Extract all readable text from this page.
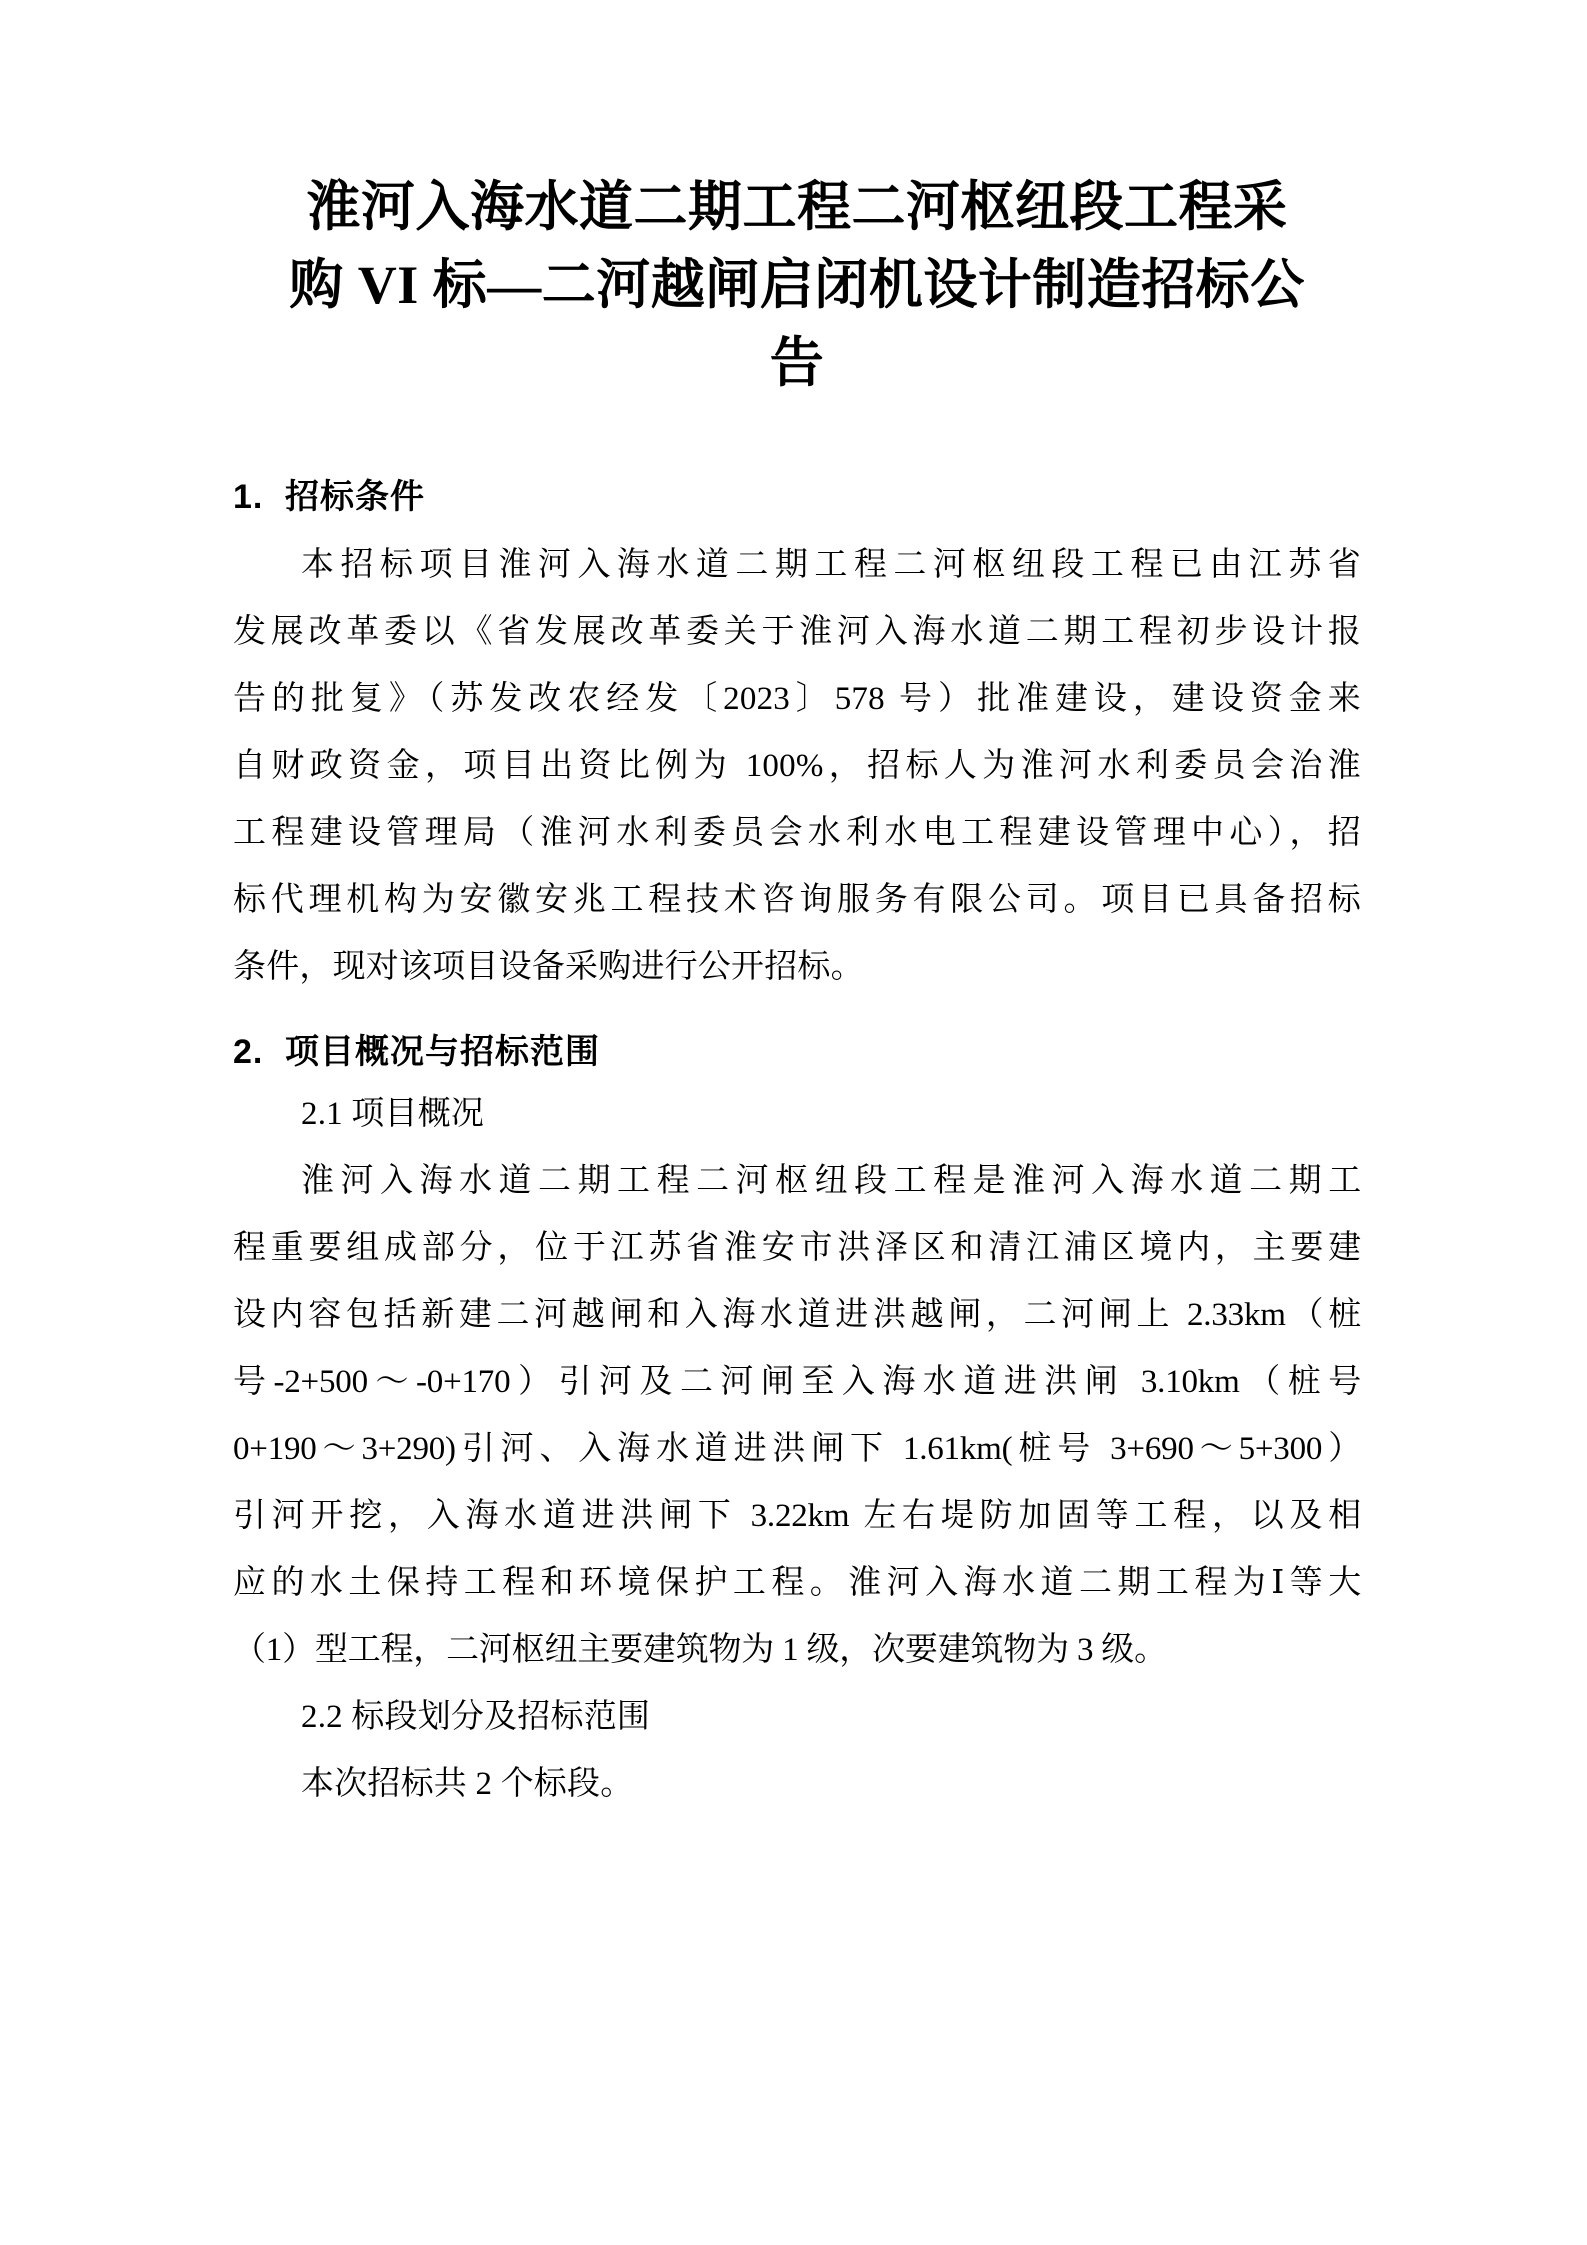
淮河入海水道二期工程二河枢纽段工程采
购 VI 标—二河越闸启闭机设计制造招标公
告
1. 招标条件
本招标项目淮河入海水道二期工程二河枢纽段工程已由江苏省
发展改革委以《省发展改革委关于淮河入海水道二期工程初步设计报
告的批复》（苏发改农经发〔2023〕578 号）批准建设，建设资金来
自财政资金，项目出资比例为 100%，招标人为淮河水利委员会治淮
工程建设管理局（淮河水利委员会水利水电工程建设管理中心），招
标代理机构为安徽安兆工程技术咨询服务有限公司。项目已具备招标
条件，现对该项目设备采购进行公开招标。
2. 项目概况与招标范围
2.1 项目概况
淮河入海水道二期工程二河枢纽段工程是淮河入海水道二期工
程重要组成部分，位于江苏省淮安市洪泽区和清江浦区境内，主要建
设内容包括新建二河越闸和入海水道进洪越闸，二河闸上 2.33km（桩
号-2+500～-0+170）引河及二河闸至入海水道进洪闸 3.10km（桩号
0+190～3+290)引河、入海水道进洪闸下 1.61km(桩号 3+690～5+300）
引河开挖，入海水道进洪闸下 3.22km 左右堤防加固等工程，以及相
应的水土保持工程和环境保护工程。淮河入海水道二期工程为Ⅰ等大
（1）型工程，二河枢纽主要建筑物为 1 级，次要建筑物为 3 级。
2.2 标段划分及招标范围
本次招标共 2 个标段。
